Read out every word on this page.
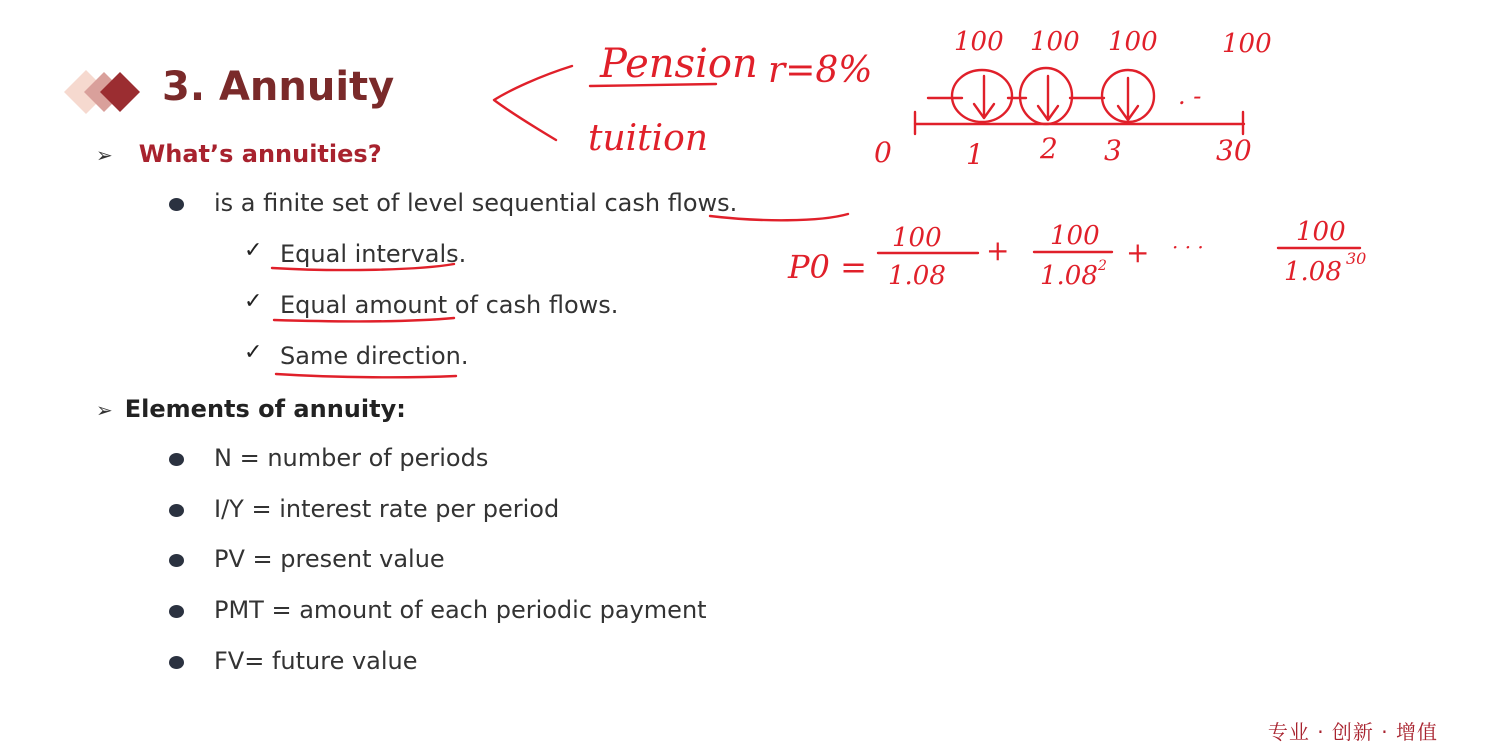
3. Annuity
➢ What’s annuities?
is a finite set of level sequential cash flows.
✓ Equal intervals.
✓ Equal amount of cash flows.
✓ Same direction.
➢ Elements of annuity:
N = number of periods
I/Y = interest rate per period
PV = present value
PMT = amount of each periodic payment
FV= future value
专业 · 创新 · 增值
Pension
tuition
r=8%
100 100 100 100
. -
0	1 2 3	30
P0 =
100
1.08
+ 100
1.08 2 + · · ·	100
1.08 30
